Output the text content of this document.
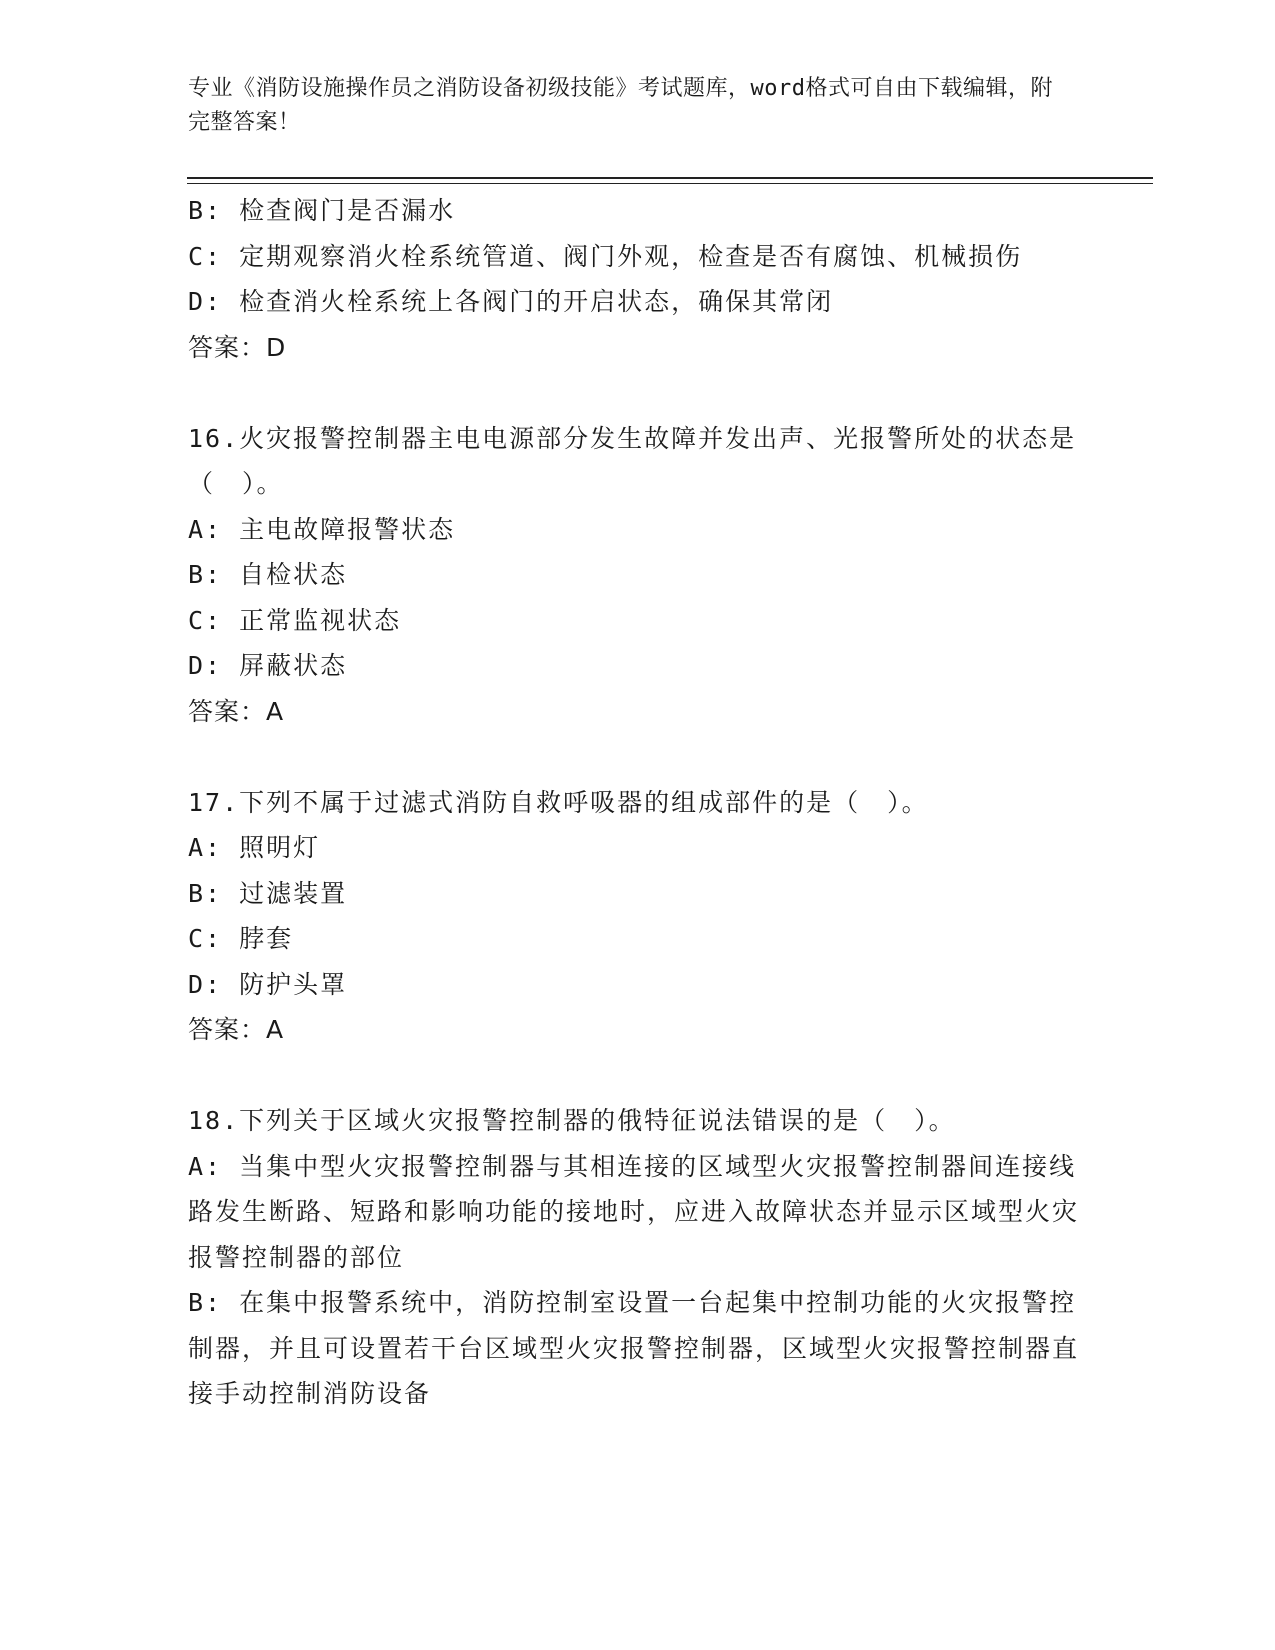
专业《消防设施操作员之消防设备初级技能》考试题库，word格式可自由下载编辑，附完整答案！
B: 检查阀门是否漏水
C: 定期观察消火栓系统管道、阀门外观，检查是否有腐蚀、机械损伤
D: 检查消火栓系统上各阀门的开启状态，确保其常闭
答案：D
16.火灾报警控制器主电电源部分发生故障并发出声、光报警所处的状态是（　）。
A: 主电故障报警状态
B: 自检状态
C: 正常监视状态
D: 屏蔽状态
答案：A
17.下列不属于过滤式消防自救呼吸器的组成部件的是（　）。
A: 照明灯
B: 过滤装置
C: 脖套
D: 防护头罩
答案：A
18.下列关于区域火灾报警控制器的俄特征说法错误的是（　）。
A: 当集中型火灾报警控制器与其相连接的区域型火灾报警控制器间连接线路发生断路、短路和影响功能的接地时，应进入故障状态并显示区域型火灾报警控制器的部位
B: 在集中报警系统中，消防控制室设置一台起集中控制功能的火灾报警控制器，并且可设置若干台区域型火灾报警控制器，区域型火灾报警控制器直接手动控制消防设备
